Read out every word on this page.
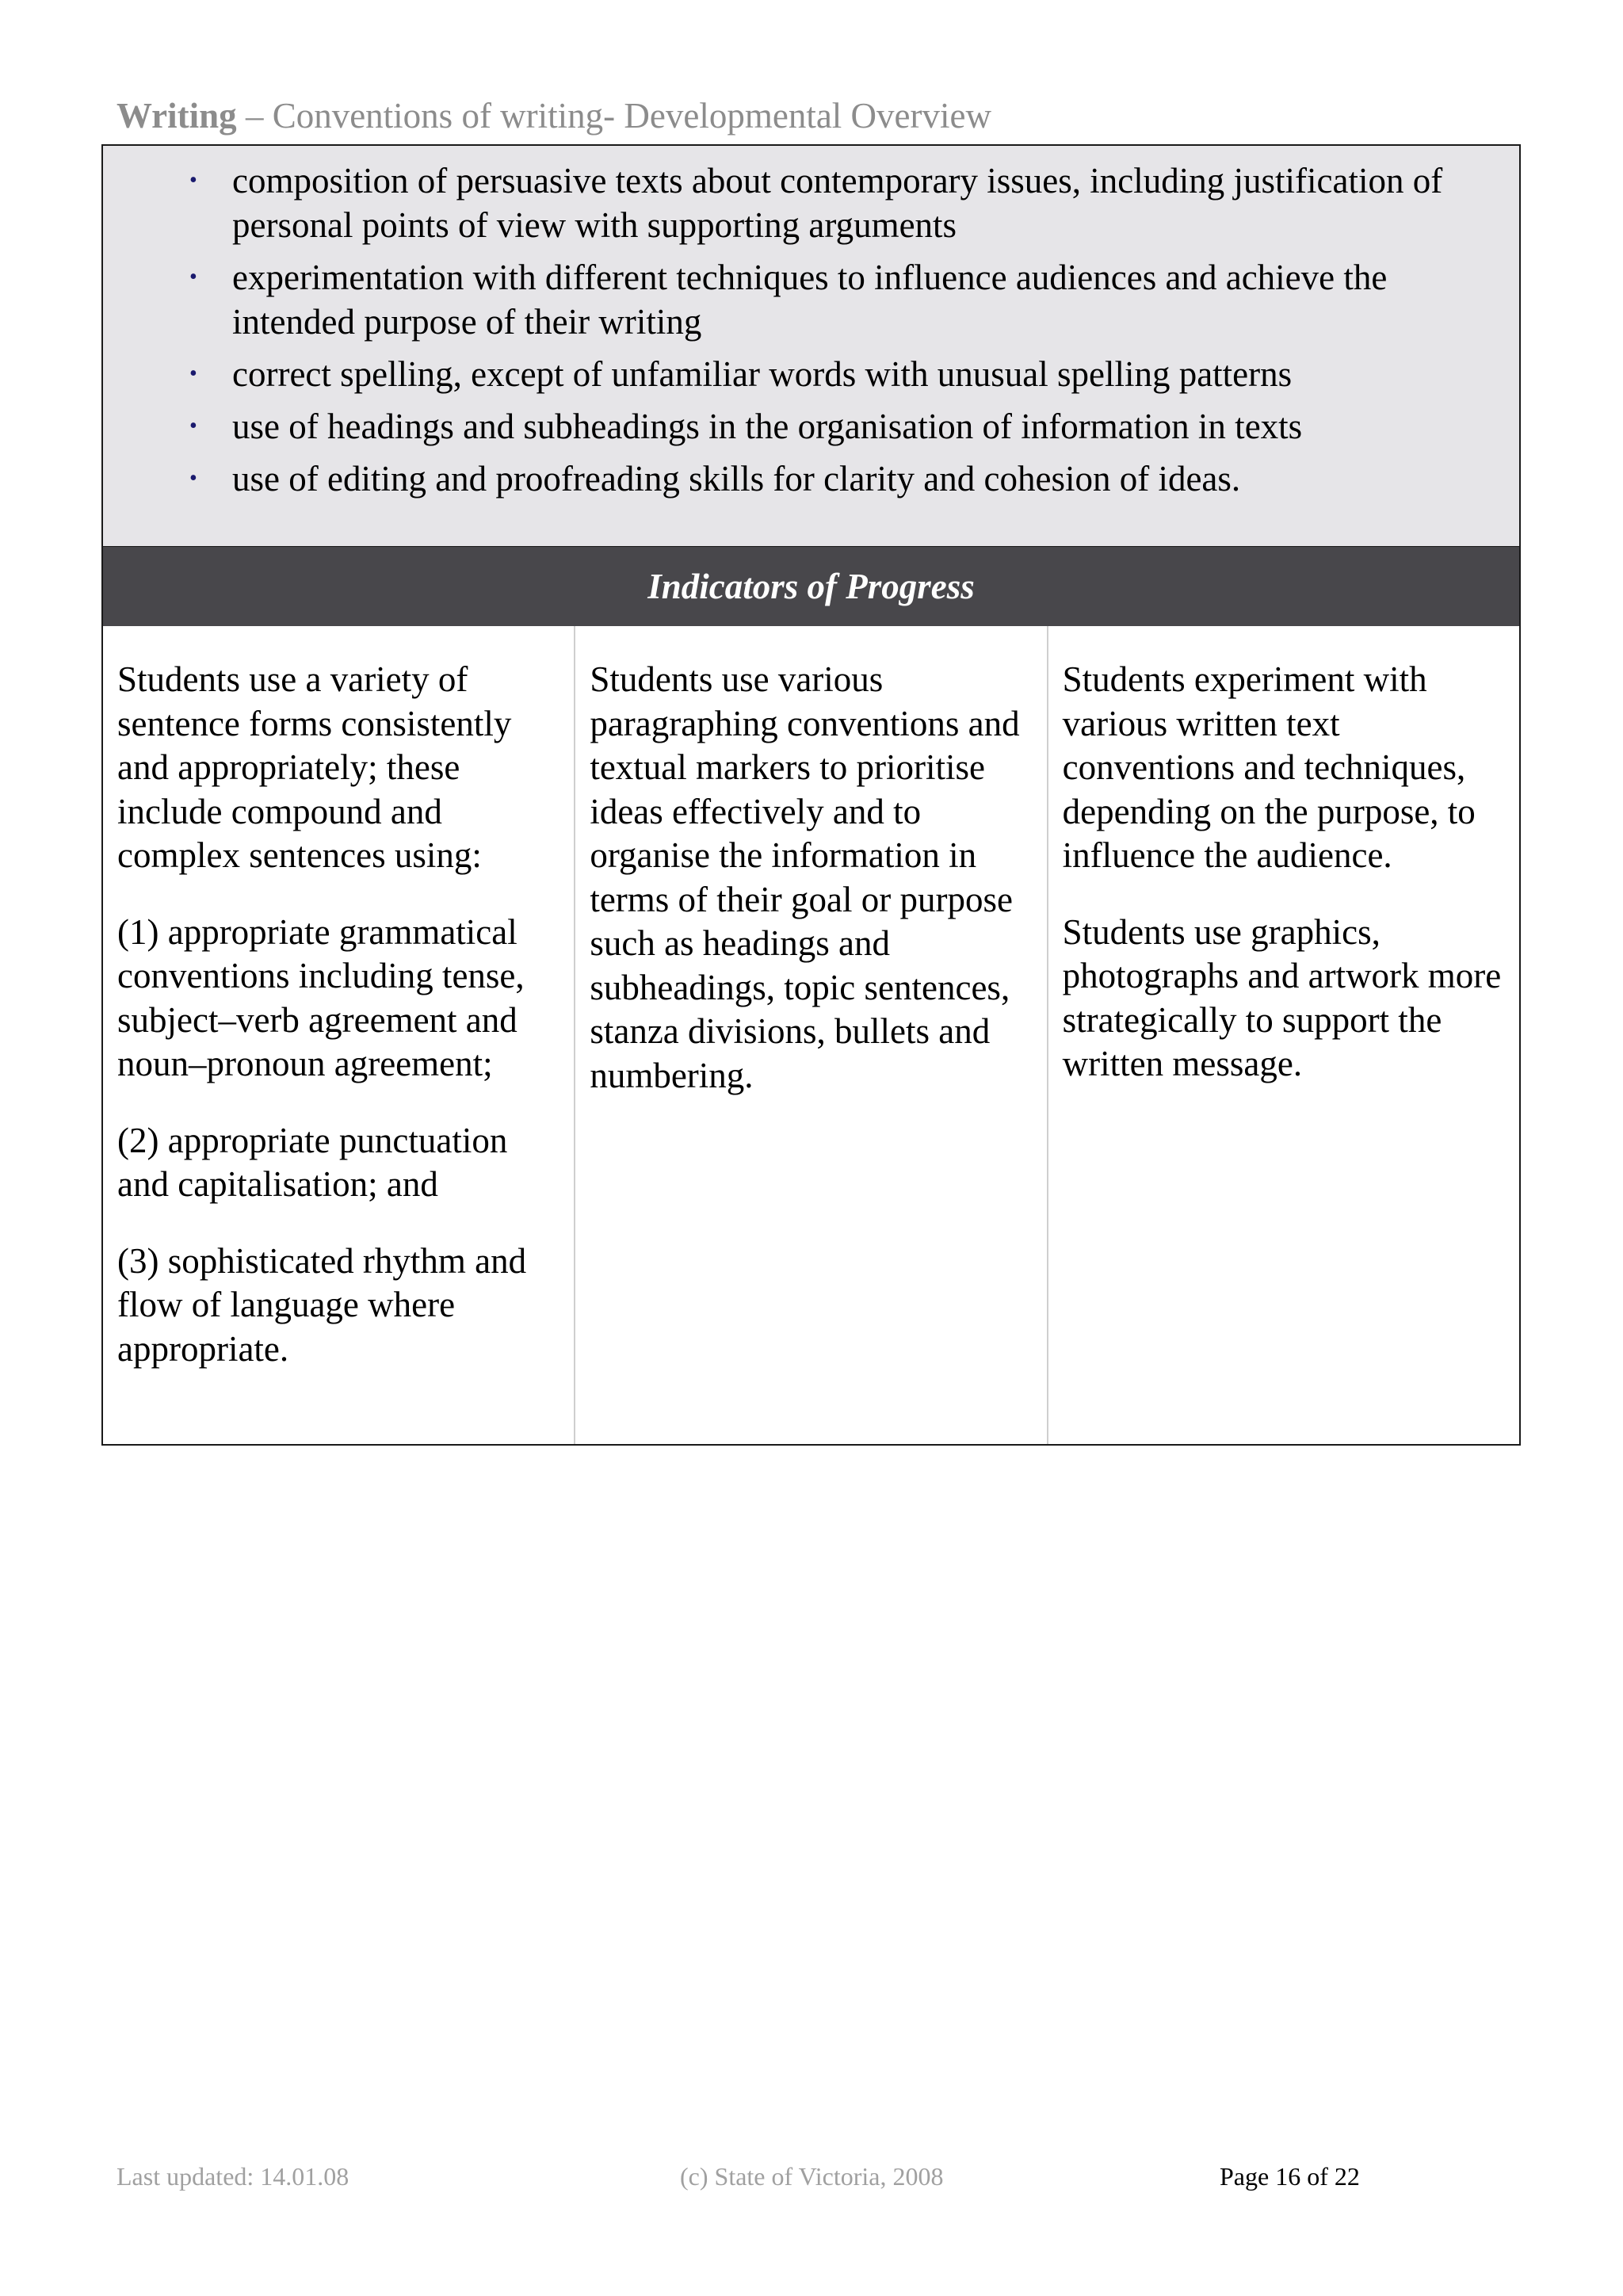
Writing – Conventions of writing- Developmental Overview
• composition of persuasive texts about contemporary issues, including justification of personal points of view with supporting arguments
• experimentation with different techniques to influence audiences and achieve the intended purpose of their writing
• correct spelling, except of unfamiliar words with unusual spelling patterns
• use of headings and subheadings in the organisation of information in texts
• use of editing and proofreading skills for clarity and cohesion of ideas.
Indicators of Progress

Students use a variety of sentence forms consistently and appropriately; these include compound and complex sentences using:

(1) appropriate grammatical conventions including tense, subject–verb agreement and noun–pronoun agreement;

(2) appropriate punctuation and capitalisation; and

(3) sophisticated rhythm and flow of language where appropriate.

Students use various paragraphing conventions and textual markers to prioritise ideas effectively and to organise the information in terms of their goal or purpose such as headings and subheadings, topic sentences, stanza divisions, bullets and numbering.

Students experiment with various written text conventions and techniques, depending on the purpose, to influence the audience.

Students use graphics, photographs and artwork more strategically to support the written message.

Last updated: 14.01.08	(c) State of Victoria, 2008	Page 16 of 22
